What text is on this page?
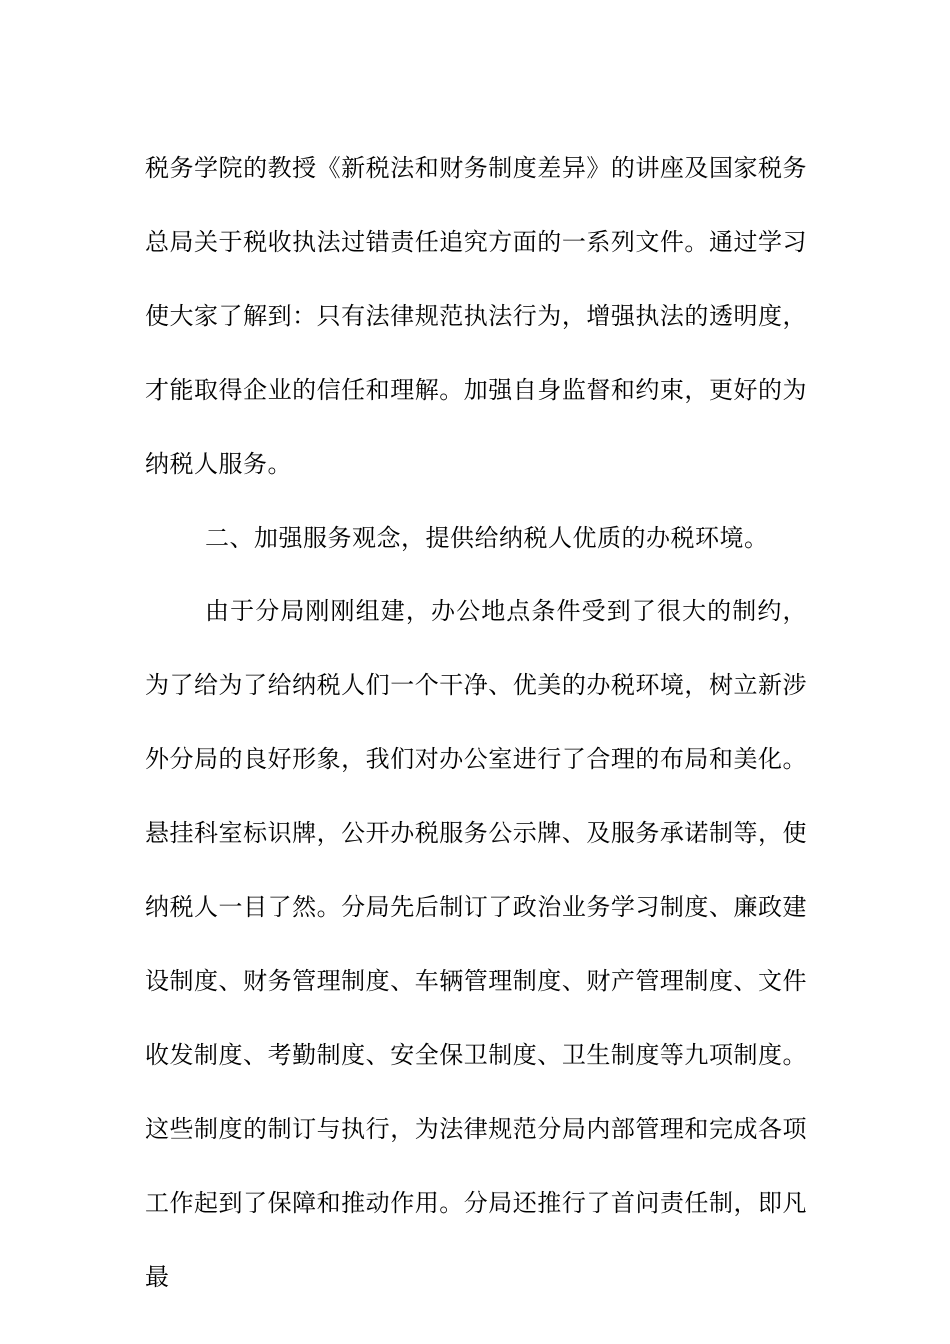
税务学院的教授《新税法和财务制度差异》的讲座及国家税务总局关于税收执法过错责任追究方面的一系列文件。通过学习使大家了解到：只有法律规范执法行为，增强执法的透明度，才能取得企业的信任和理解。加强自身监督和约束，更好的为纳税人服务。

二、加强服务观念，提供给纳税人优质的办税环境。

由于分局刚刚组建，办公地点条件受到了很大的制约，为了给为了给纳税人们一个干净、优美的办税环境，树立新涉外分局的良好形象，我们对办公室进行了合理的布局和美化。悬挂科室标识牌，公开办税服务公示牌、及服务承诺制等，使纳税人一目了然。分局先后制订了政治业务学习制度、廉政建设制度、财务管理制度、车辆管理制度、财产管理制度、文件收发制度、考勤制度、安全保卫制度、卫生制度等九项制度。这些制度的制订与执行，为法律规范分局内部管理和完成各项工作起到了保障和推动作用。分局还推行了首问责任制，即凡最
